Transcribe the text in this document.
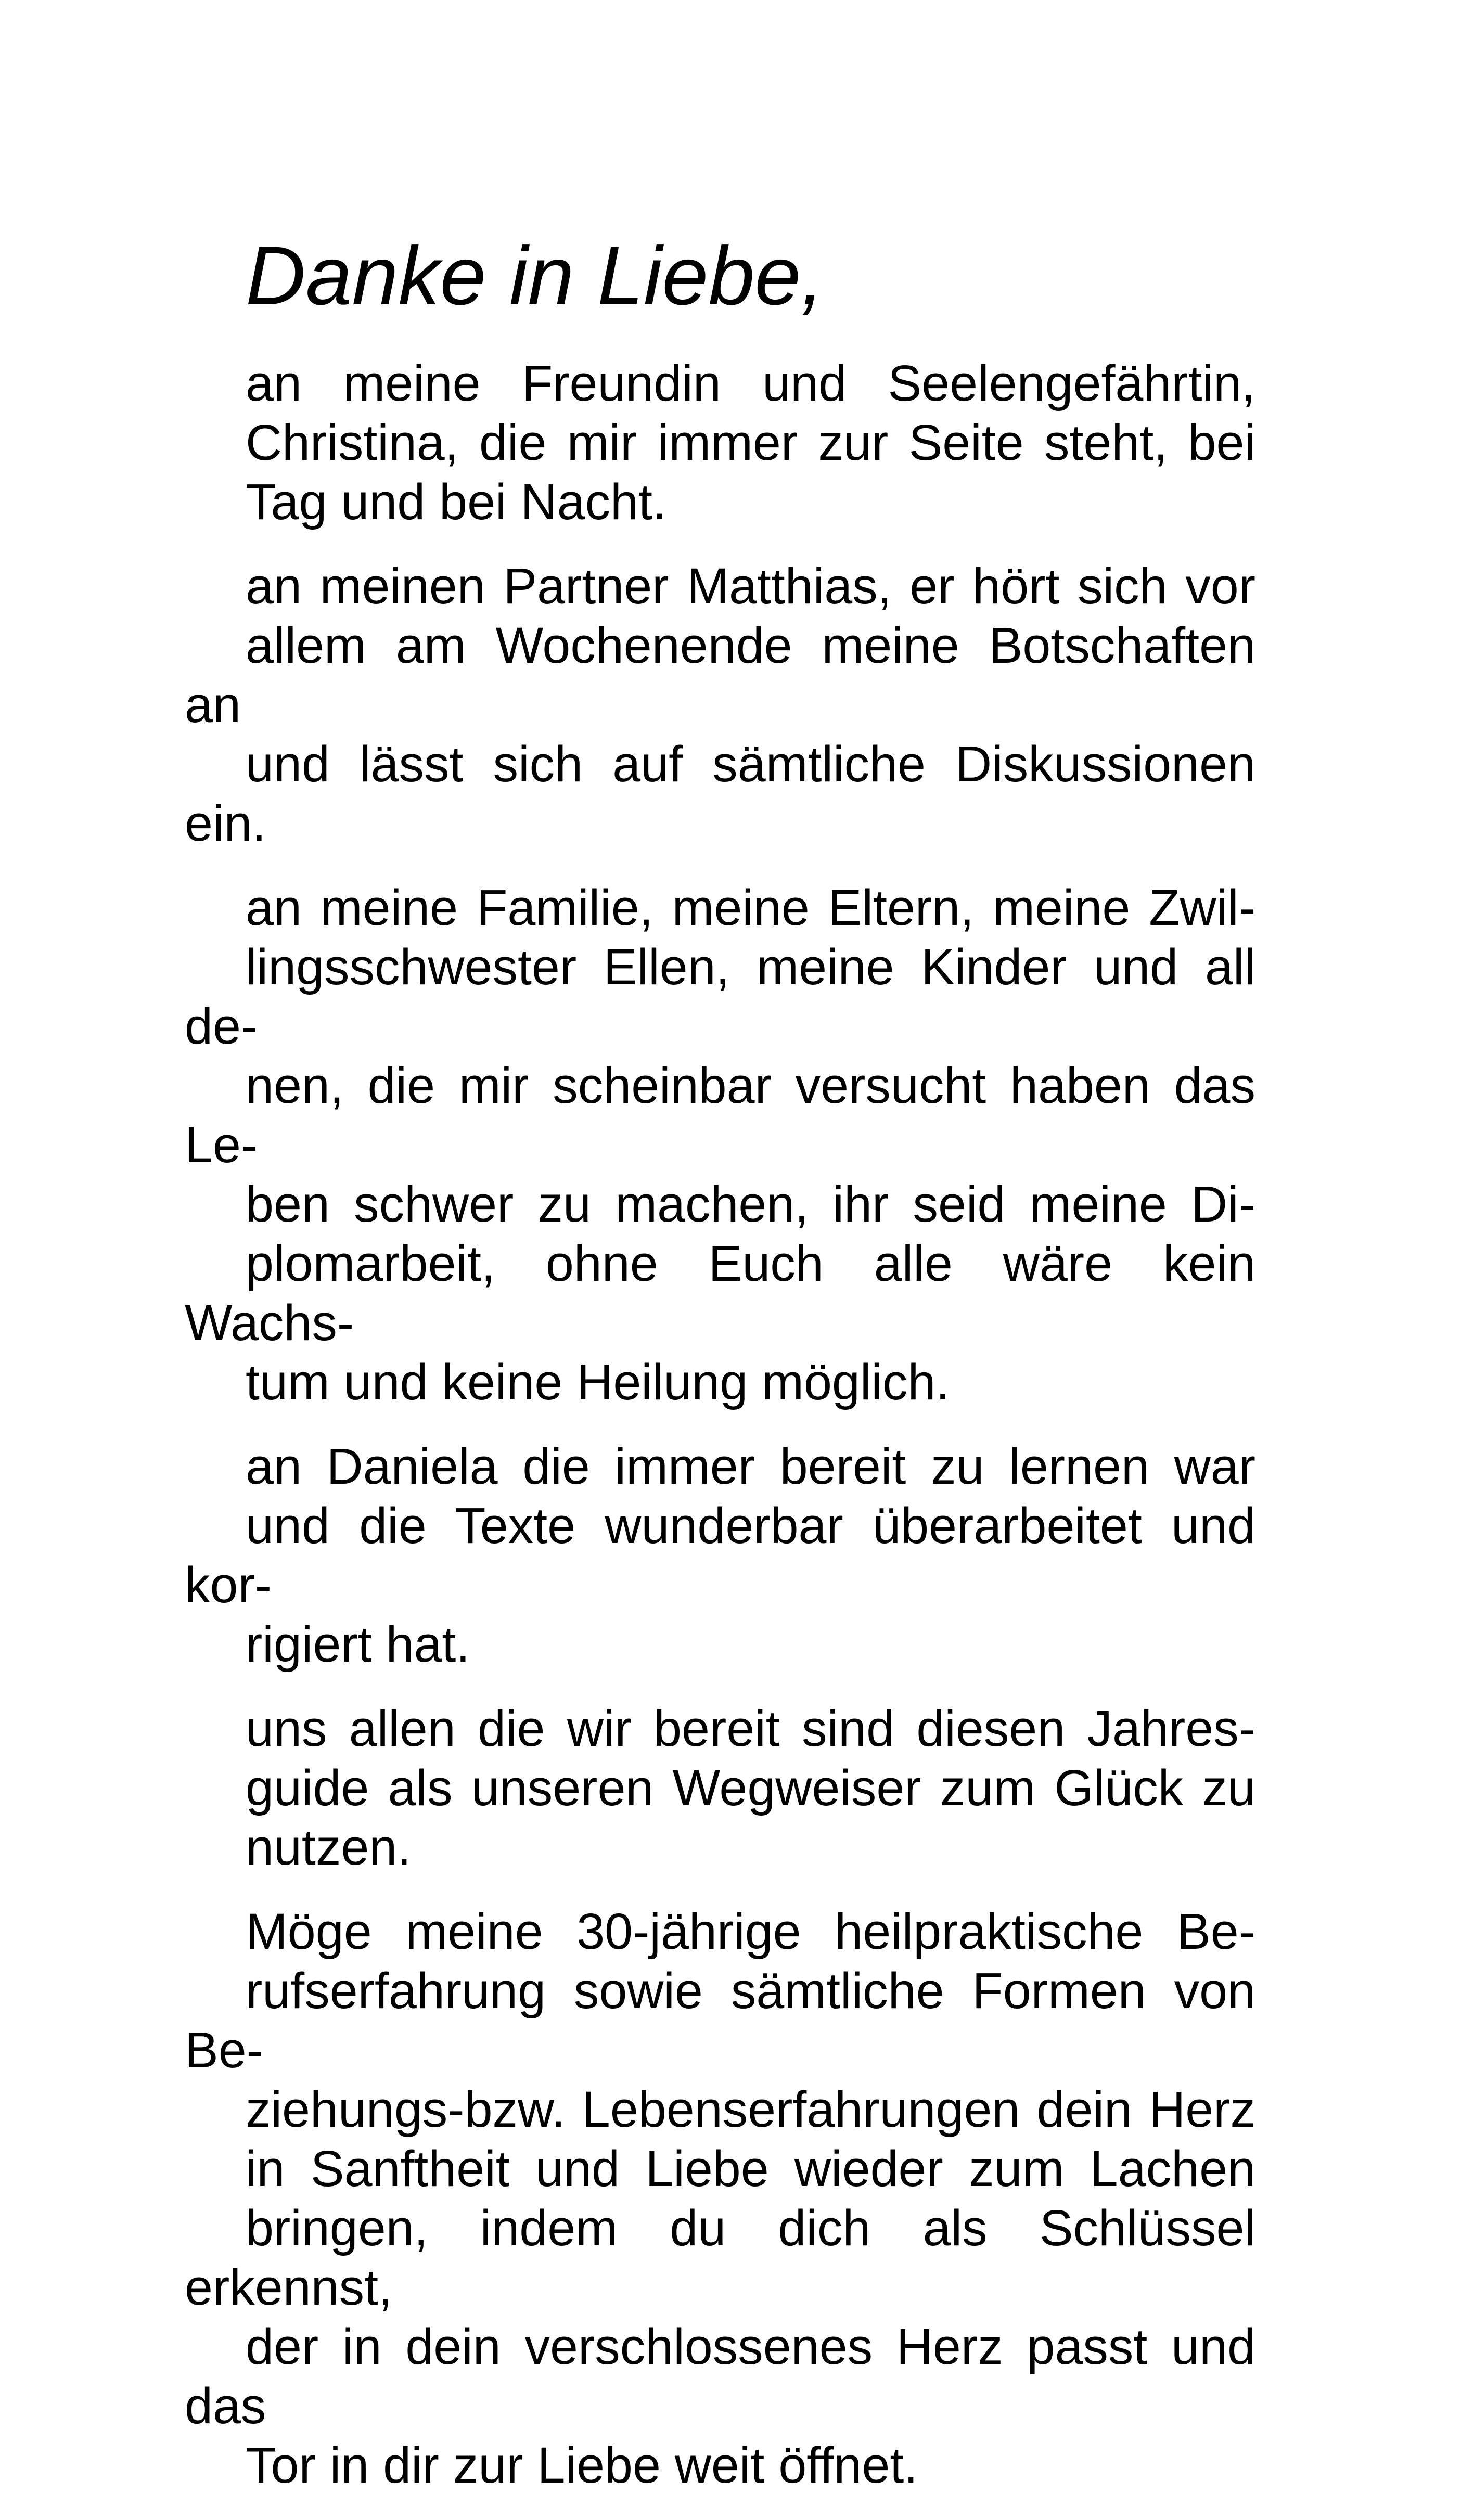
Danke in Liebe,

an meine Freundin und Seelengefährtin,
Christina, die mir immer zur Seite steht, bei
Tag und bei Nacht.

an meinen Partner Matthias, er hört sich vor
allem am Wochenende meine Botschaften an
und lässt sich auf sämtliche Diskussionen ein.

an meine Familie, meine Eltern, meine Zwil-
lingsschwester Ellen, meine Kinder und all de-
nen, die mir scheinbar versucht haben das Le-
ben schwer zu machen, ihr seid meine Di-
plomarbeit, ohne Euch alle wäre kein Wachs-
tum und keine Heilung möglich.

an Daniela die immer bereit zu lernen war
und die Texte wunderbar überarbeitet und kor-
rigiert hat.

uns allen die wir bereit sind diesen Jahres-
guide als unseren Wegweiser zum Glück zu
nutzen.

Möge meine 30-jährige heilpraktische Be-
rufserfahrung sowie sämtliche Formen von Be-
ziehungs-bzw. Lebenserfahrungen dein Herz
in Sanftheit und Liebe wieder zum Lachen
bringen, indem du dich als Schlüssel erkennst,
der in dein verschlossenes Herz passt und das
Tor in dir zur Liebe weit öffnet.
